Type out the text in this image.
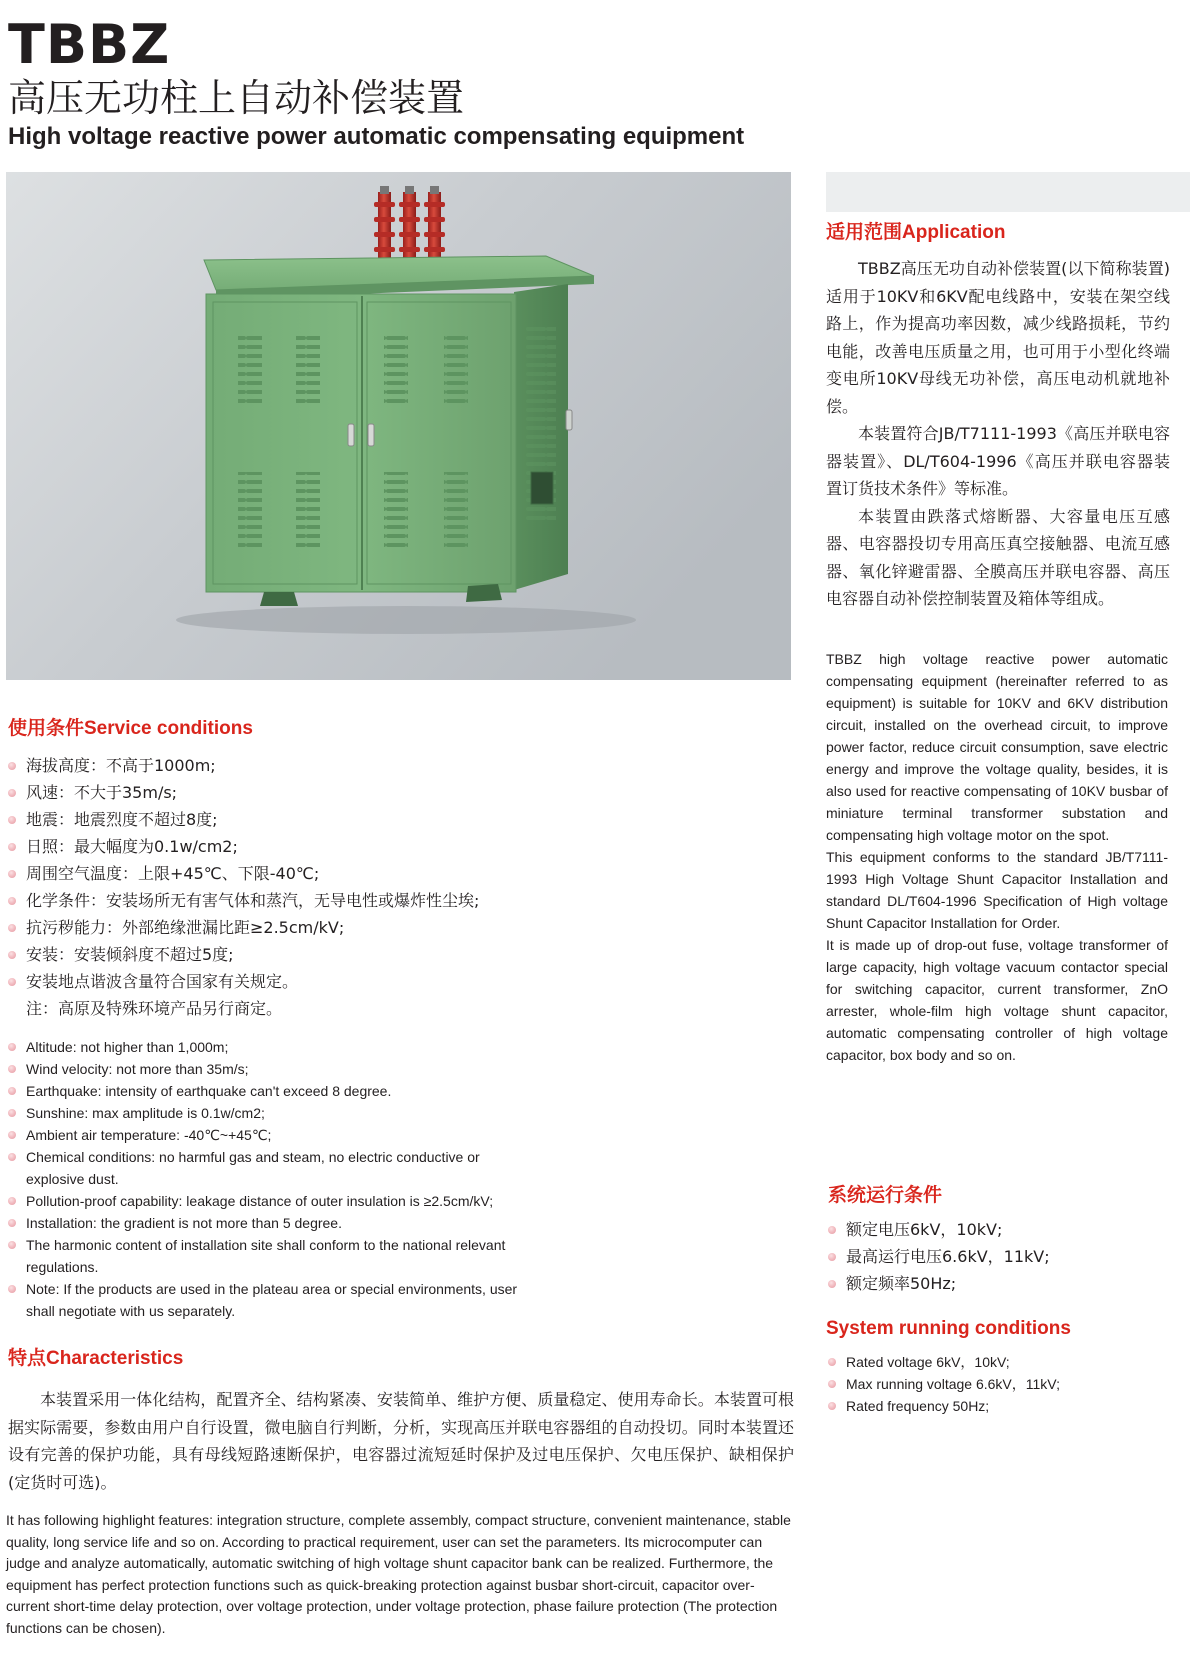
TBBZ
高压无功柱上自动补偿装置
High voltage reactive power automatic compensating equipment
适用范围Application

TBBZ高压无功自动补偿装置(以下简称装置)适用于10KV和6KV配电线路中，安装在架空线路上，作为提高功率因数，减少线路损耗，节约电能，改善电压质量之用，也可用于小型化终端变电所10KV母线无功补偿，高压电动机就地补偿。

本装置符合JB/T7111-1993《高压并联电容器装置》、DL/T604-1996《高压并联电容器装置订货技术条件》等标准。

本装置由跌落式熔断器、大容量电压互感器、电容器投切专用高压真空接触器、电流互感器、氧化锌避雷器、全膜高压并联电容器、高压电容器自动补偿控制装置及箱体等组成。

TBBZ high voltage reactive power automatic compensating equipment (hereinafter referred to as equipment) is suitable for 10KV and 6KV distribution circuit, installed on the overhead circuit, to improve power factor, reduce circuit consumption, save electric energy and improve the voltage quality, besides, it is also used for reactive compensating of 10KV busbar of miniature terminal transformer substation and compensating high voltage motor on the spot.

This equipment conforms to the standard JB/T7111-1993 High Voltage Shunt Capacitor Installation and standard DL/T604-1996 Specification of High voltage Shunt Capacitor Installation for Order.

It is made up of drop-out fuse, voltage transformer of large capacity, high voltage vacuum contactor special for switching capacitor, current transformer, ZnO arrester, whole-film high voltage shunt capacitor, automatic compensating controller of high voltage capacitor, box body and so on.

使用条件Service conditions
海拔高度：不高于1000m;
风速：不大于35m/s;
地震：地震烈度不超过8度;
日照：最大幅度为0.1w/cm2;
周围空气温度：上限+45℃、下限-40℃;
化学条件：安装场所无有害气体和蒸汽，无导电性或爆炸性尘埃;
抗污秽能力：外部绝缘泄漏比距≥2.5cm/kV;
安装：安装倾斜度不超过5度;
安装地点谐波含量符合国家有关规定。
注：高原及特殊环境产品另行商定。
Altitude: not higher than 1,000m;
Wind velocity: not more than 35m/s;
Earthquake: intensity of earthquake can't exceed 8 degree.
Sunshine: max amplitude is 0.1w/cm2;
Ambient air temperature: -40℃~+45℃;
Chemical conditions: no harmful gas and steam, no electric conductive or explosive dust.
Pollution-proof capability: leakage distance of outer insulation is ≥2.5cm/kV;
Installation: the gradient is not more than 5 degree.
The harmonic content of installation site shall conform to the national relevant regulations.
Note: If the products are used in the plateau area or special environments, user shall negotiate with us separately.
特点Characteristics

本装置采用一体化结构，配置齐全、结构紧凑、安装简单、维护方便、质量稳定、使用寿命长。本装置可根据实际需要，参数由用户自行设置，微电脑自行判断，分析，实现高压并联电容器组的自动投切。同时本装置还设有完善的保护功能，具有母线短路速断保护，电容器过流短延时保护及过电压保护、欠电压保护、缺相保护(定货时可选)。

It has following highlight features: integration structure, complete assembly, compact structure, convenient maintenance, stable quality, long service life and so on. According to practical requirement, user can set the parameters. Its microcomputer can judge and analyze automatically, automatic switching of high voltage shunt capacitor bank can be realized. Furthermore, the equipment has perfect protection functions such as quick-breaking protection against busbar short-circuit, capacitor over-current short-time delay protection, over voltage protection, under voltage protection, phase failure protection (The protection functions can be chosen).

系统运行条件
额定电压6kV，10kV;
最高运行电压6.6kV，11kV;
额定频率50Hz;
System running conditions
Rated voltage 6kV，10kV;
Max running voltage 6.6kV，11kV;
Rated frequency 50Hz;
